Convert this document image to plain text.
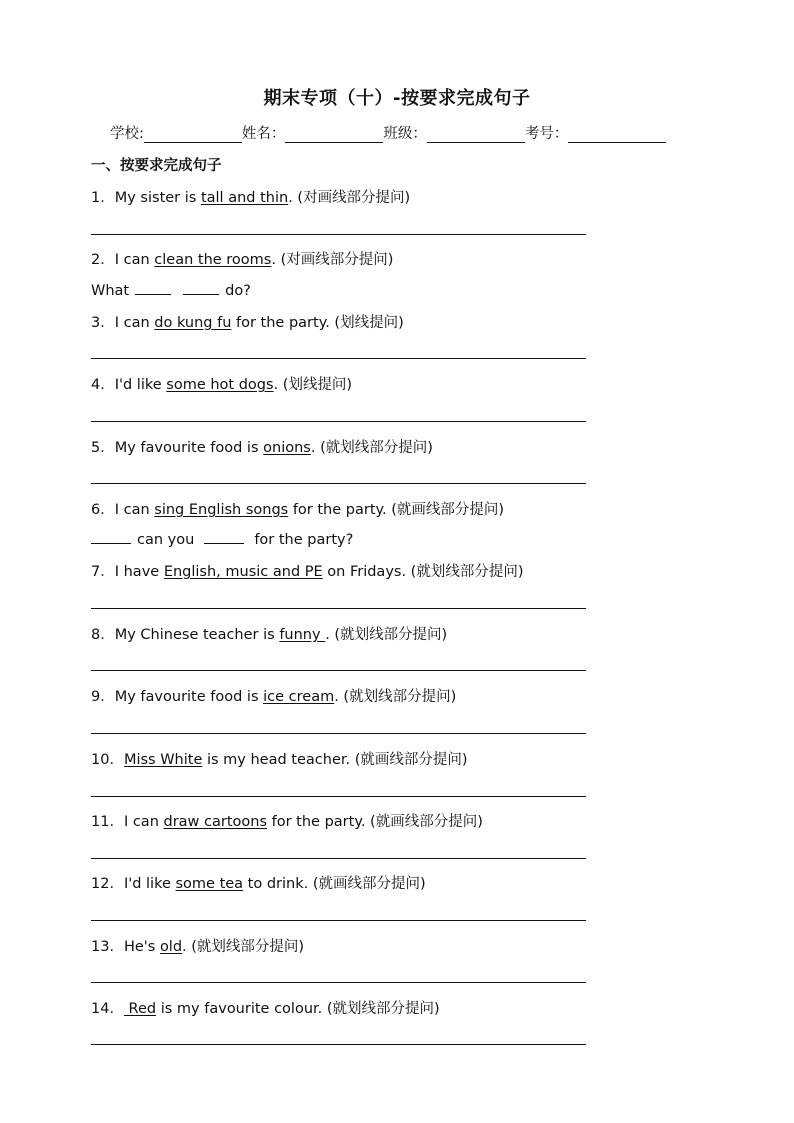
期末专项（十）-按要求完成句子
学校:	姓名：	班级：	考号：
一、按要求完成句子
1．My sister is tall and thin. (对画线部分提问)
2．I can clean the rooms. (对画线部分提问)
What	do?
3．I can do kung fu for the party. (划线提问)
4．I'd like some hot dogs. (划线提问)
5．My favourite food is onions. (就划线部分提问)
6．I can sing English songs for the party. (就画线部分提问)
can you	for the party?
7．I have English, music and PE on Fridays. (就划线部分提问)
8．My Chinese teacher is funny . (就划线部分提问)
9．My favourite food is ice cream. (就划线部分提问)
10．Miss White is my head teacher. (就画线部分提问)
11．I can draw cartoons for the party. (就画线部分提问)
12．I'd like some tea to drink. (就画线部分提问)
13．He's old. (就划线部分提问)
14． Red is my favourite colour. (就划线部分提问)
